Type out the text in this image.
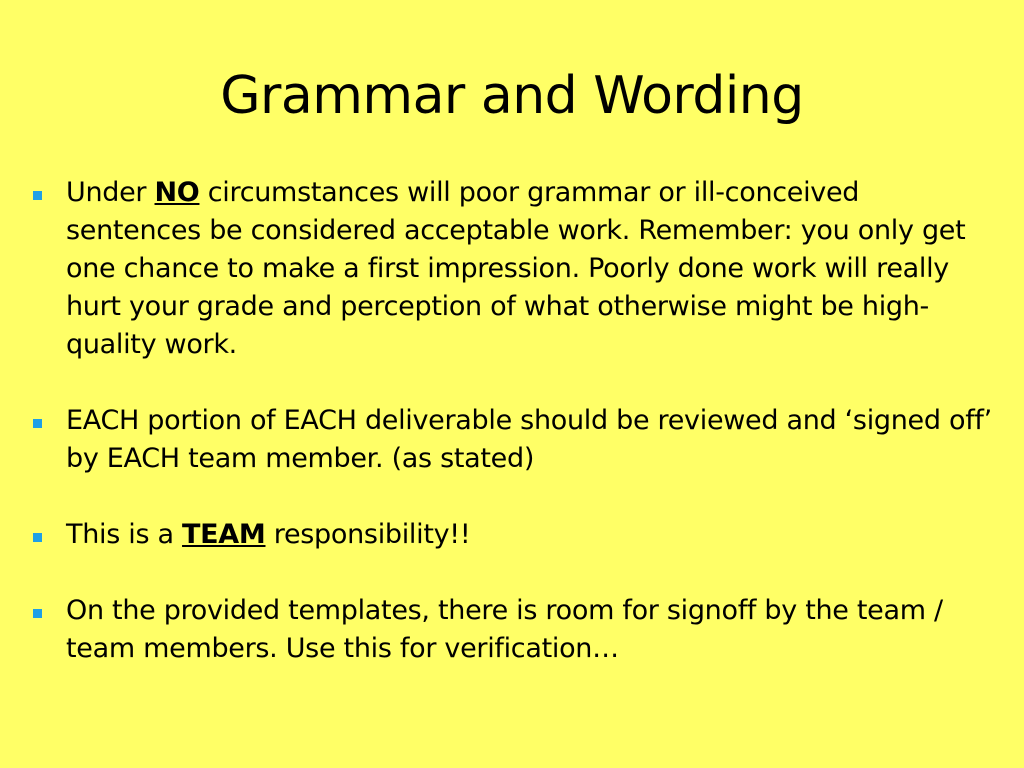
Grammar and Wording
Under NO circumstances will poor grammar or ill-conceived sentences be considered acceptable work. Remember: you only get one chance to make a first impression. Poorly done work will really hurt your grade and perception of what otherwise might be high-quality work.
EACH portion of EACH deliverable should be reviewed and ‘signed off’ by EACH team member. (as stated)
This is a TEAM responsibility!!
On the provided templates, there is room for signoff by the team / team members. Use this for verification…
